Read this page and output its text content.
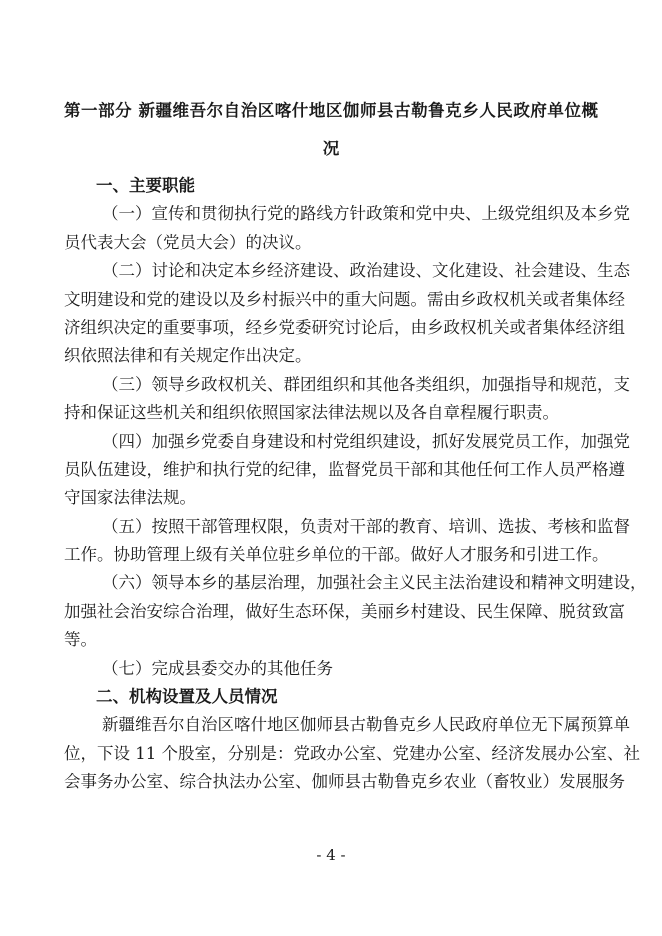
第一部分 新疆维吾尔自治区喀什地区伽师县古勒鲁克乡人民政府单位概
况
一、主要职能
（一）宣传和贯彻执行党的路线方针政策和党中央、上级党组织及本乡党
员代表大会（党员大会）的决议。
（二）讨论和决定本乡经济建设、政治建设、文化建设、社会建设、生态
文明建设和党的建设以及乡村振兴中的重大问题。需由乡政权机关或者集体经
济组织决定的重要事项，经乡党委研究讨论后，由乡政权机关或者集体经济组
织依照法律和有关规定作出决定。
（三）领导乡政权机关、群团组织和其他各类组织，加强指导和规范，支
持和保证这些机关和组织依照国家法律法规以及各自章程履行职责。
（四）加强乡党委自身建设和村党组织建设，抓好发展党员工作，加强党
员队伍建设，维护和执行党的纪律，监督党员干部和其他任何工作人员严格遵
守国家法律法规。
（五）按照干部管理权限，负责对干部的教育、培训、选拔、考核和监督
工作。协助管理上级有关单位驻乡单位的干部。做好人才服务和引进工作。
（六）领导本乡的基层治理，加强社会主义民主法治建设和精神文明建设，
加强社会治安综合治理，做好生态环保，美丽乡村建设、民生保障、脱贫致富
等。
（七）完成县委交办的其他任务
二、机构设置及人员情况
新疆维吾尔自治区喀什地区伽师县古勒鲁克乡人民政府单位无下属预算单
位，下设 11 个股室，分别是：党政办公室、党建办公室、经济发展办公室、社
会事务办公室、综合执法办公室、伽师县古勒鲁克乡农业（畜牧业）发展服务
- 4 -
